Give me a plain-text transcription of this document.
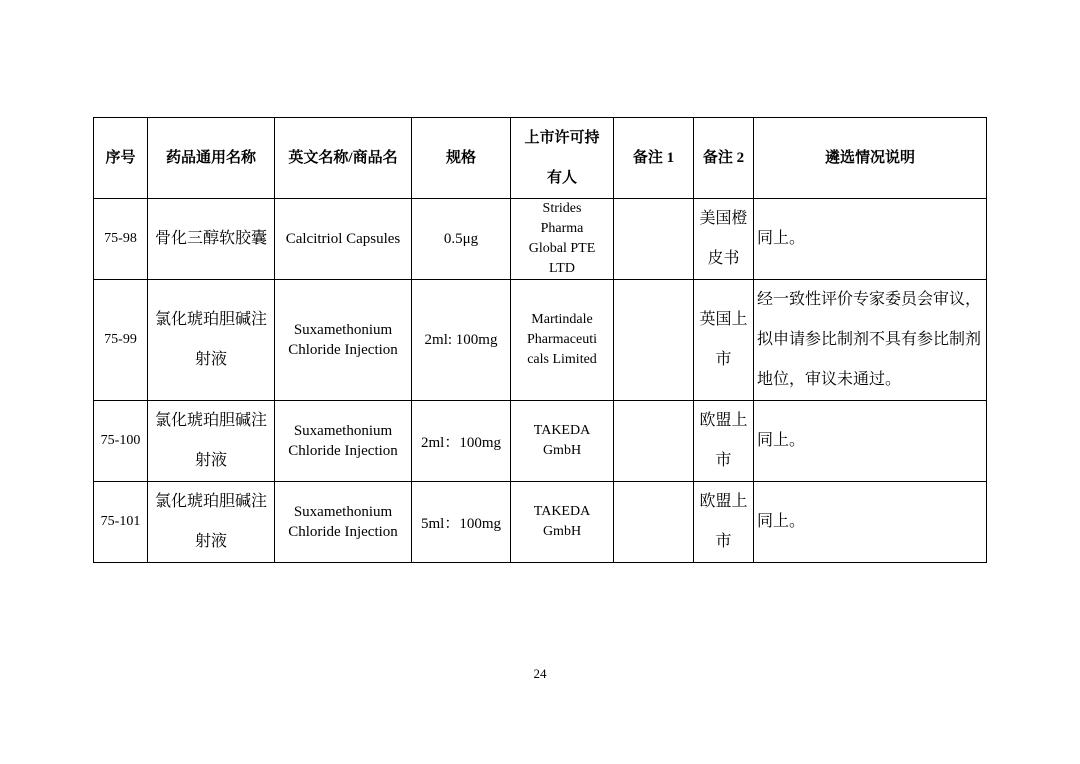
序号	药品通用名称	英文名称/商品名	规格	上市许可持有人	备注 1	备注 2	遴选情况说明
75-98	骨化三醇软胶囊	Calcitriol Capsules	0.5μg	Strides Pharma Global PTE LTD		美国橙皮书	同上。
75-99	氯化琥珀胆碱注射液	Suxamethonium Chloride Injection	2ml: 100mg	Martindale Pharmaceuticals Limited		英国上市	经一致性评价专家委员会审议，拟申请参比制剂不具有参比制剂地位，审议未通过。
75-100	氯化琥珀胆碱注射液	Suxamethonium Chloride Injection	2ml：100mg	TAKEDA GmbH		欧盟上市	同上。
75-101	氯化琥珀胆碱注射液	Suxamethonium Chloride Injection	5ml：100mg	TAKEDA GmbH		欧盟上市	同上。
24
